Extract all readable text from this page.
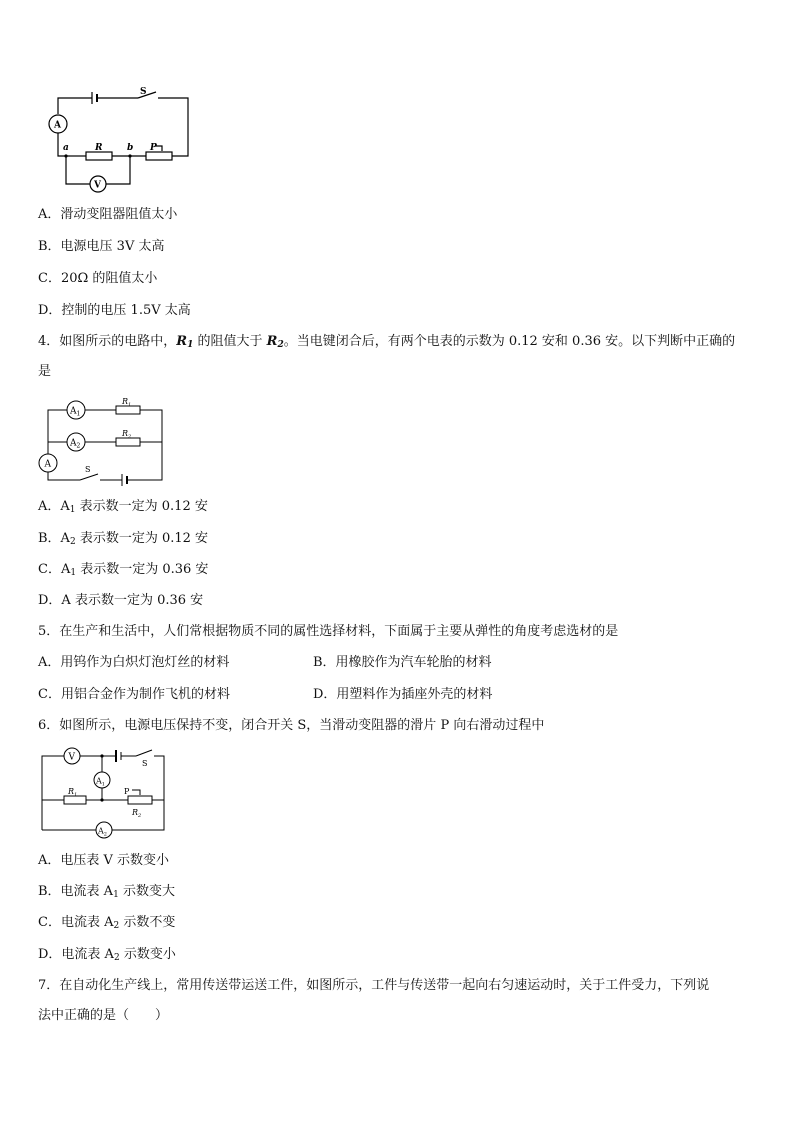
S
A
V
R	P
a	b
A．滑动变阻器阻值太小
B．电源电压 3V 太高
C．20Ω 的阻值太小
D．控制的电压 1.5V 太高
4．如图所示的电路中，$R_1$ 的阻值大于 $R_2$。当电键闭合后，有两个电表的示数为 0.12 安和 0.36 安。以下判断中正确的
是
$A_1$
$A_2$
A
$R_1$
$R_2$
S
A．$A_1$ 表示数一定为 0.12 安
B．$A_2$ 表示数一定为 0.12 安
C．$A_1$ 表示数一定为 0.36 安
D．A 表示数一定为 0.36 安
5．在生产和生活中，人们常根据物质不同的属性选择材料，下面属于主要从弹性的角度考虑选材的是
A．用钨作为白炽灯泡灯丝的材料	B．用橡胶作为汽车轮胎的材料
C．用铝合金作为制作飞机的材料	D．用塑料作为插座外壳的材料
6．如图所示，电源电压保持不变，闭合开关 S，当滑动变阻器的滑片 P 向右滑动过程中
V
$A_1$
$A_2$
S
$R_1$	P
$R_2$
A．电压表 V 示数变小
B．电流表 $A_1$ 示数变大
C．电流表 $A_2$ 示数不变
D．电流表 $A_2$ 示数变小
7．在自动化生产线上，常用传送带运送工件，如图所示，工件与传送带一起向右匀速运动时，关于工件受力，下列说
法中正确的是（　　）
